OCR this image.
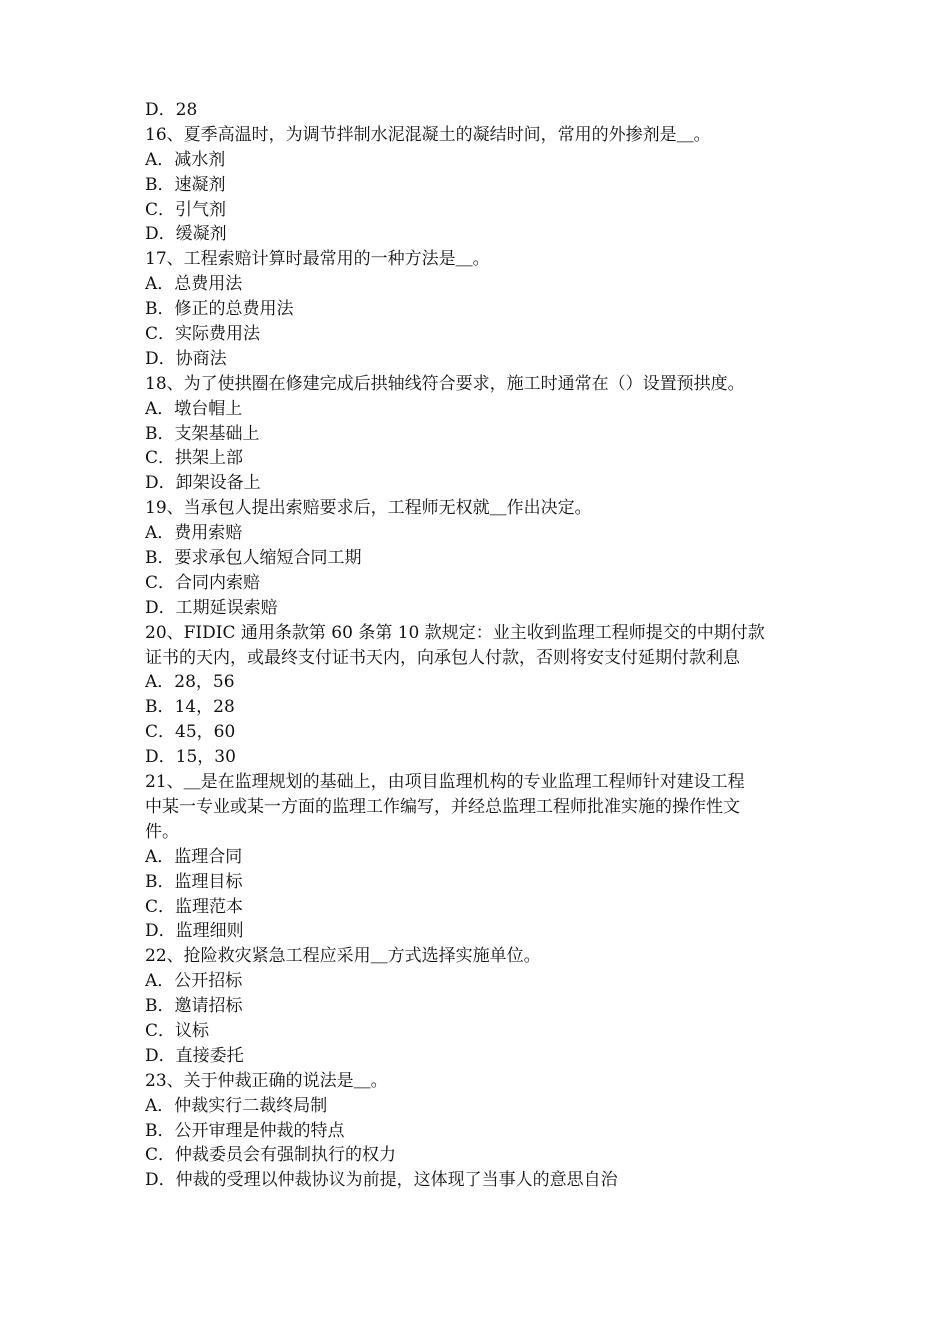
D．28
16、夏季高温时，为调节拌制水泥混凝土的凝结时间，常用的外掺剂是＿。
A．减水剂
B．速凝剂
C．引气剂
D．缓凝剂
17、工程索赔计算时最常用的一种方法是＿。
A．总费用法
B．修正的总费用法
C．实际费用法
D．协商法
18、为了使拱圈在修建完成后拱轴线符合要求，施工时通常在（）设置预拱度。
A．墩台帽上
B．支架基础上
C．拱架上部
D．卸架设备上
19、当承包人提出索赔要求后，工程师无权就＿作出决定。
A．费用索赔
B．要求承包人缩短合同工期
C．合同内索赔
D．工期延误索赔
20、FIDIC 通用条款第 60 条第 10 款规定：业主收到监理工程师提交的中期付款
证书的天内，或最终支付证书天内，向承包人付款，否则将安支付延期付款利息
A．28，56
B．14，28
C．45，60
D．15，30
21、＿是在监理规划的基础上，由项目监理机构的专业监理工程师针对建设工程
中某一专业或某一方面的监理工作编写，并经总监理工程师批准实施的操作性文
件。
A．监理合同
B．监理目标
C．监理范本
D．监理细则
22、抢险救灾紧急工程应采用＿方式选择实施单位。
A．公开招标
B．邀请招标
C．议标
D．直接委托
23、关于仲裁正确的说法是＿。
A．仲裁实行二裁终局制
B．公开审理是仲裁的特点
C．仲裁委员会有强制执行的权力
D．仲裁的受理以仲裁协议为前提，这体现了当事人的意思自治
